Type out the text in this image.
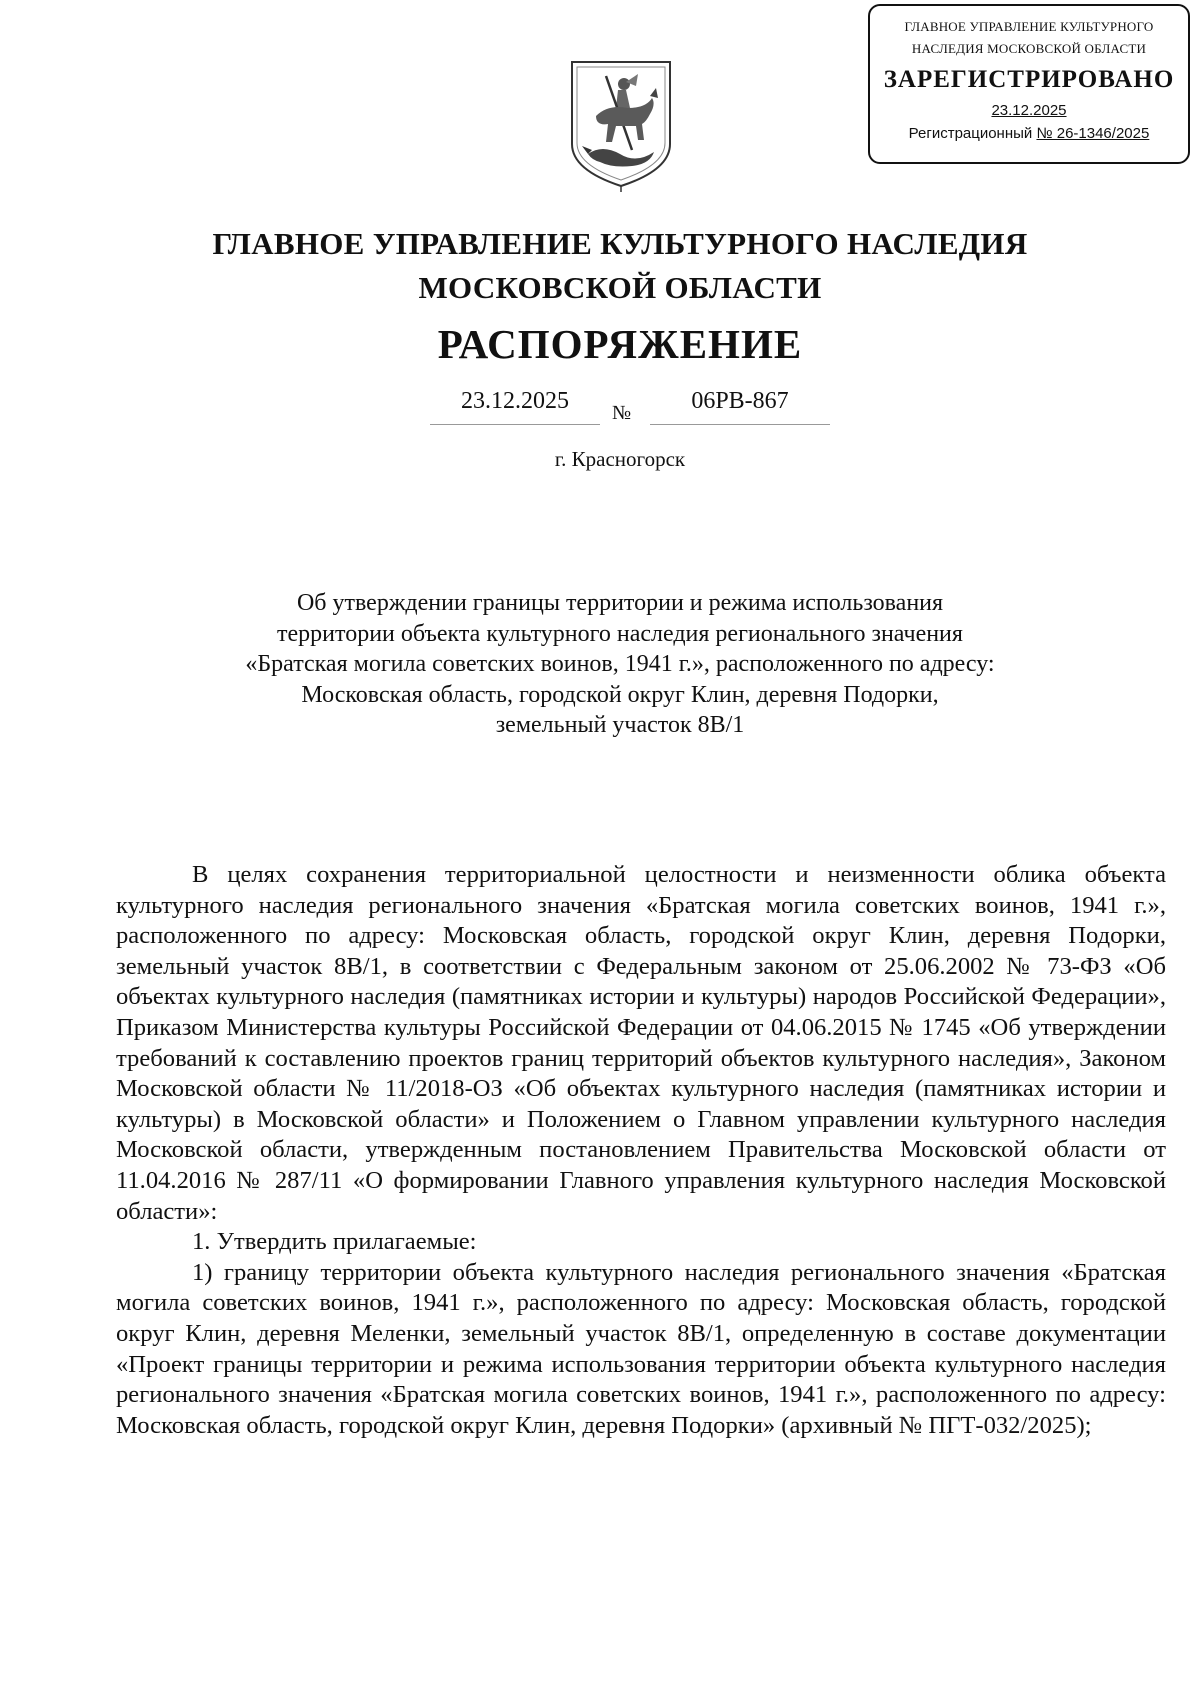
ГЛАВНОЕ УПРАВЛЕНИЕ КУЛЬТУРНОГО
НАСЛЕДИЯ МОСКОВСКОЙ ОБЛАСТИ
ЗАРЕГИСТРИРОВАНО
23.12.2025
Регистрационный № 26-1346/2025
ГЛАВНОЕ УПРАВЛЕНИЕ КУЛЬТУРНОГО НАСЛЕДИЯ
МОСКОВСКОЙ ОБЛАСТИ
РАСПОРЯЖЕНИЕ
23.12.2025	№	06РВ-867
г. Красногорск
Об утверждении границы территории и режима использования
территории объекта культурного наследия регионального значения
«Братская могила советских воинов, 1941 г.», расположенного по адресу:
Московская область, городской округ Клин, деревня Подорки,
земельный участок 8В/1

В целях сохранения территориальной целостности и неизменности облика объекта культурного наследия регионального значения «Братская могила советских воинов, 1941 г.», расположенного по адресу: Московская область, городской округ Клин, деревня Подорки, земельный участок 8В/1, в соответствии с Федеральным законом от 25.06.2002 № 73-ФЗ «Об объектах культурного наследия (памятниках истории и культуры) народов Российской Федерации», Приказом Министерства культуры Российской Федерации от 04.06.2015 № 1745 «Об утверждении требований к составлению проектов границ территорий объектов культурного наследия», Законом Московской области № 11/2018-ОЗ «Об объектах культурного наследия (памятниках истории и культуры) в Московской области» и Положением о Главном управлении культурного наследия Московской области, утвержденным постановлением Правительства Московской области от 11.04.2016 № 287/11 «О формировании Главного управления культурного наследия Московской области»:

1. Утвердить прилагаемые:

1) границу территории объекта культурного наследия регионального значения «Братская могила советских воинов, 1941 г.», расположенного по адресу: Московская область, городской округ Клин, деревня Меленки, земельный участок 8В/1, определенную в составе документации «Проект границы территории и режима использования территории объекта культурного наследия регионального значения «Братская могила советских воинов, 1941 г.», расположенного по адресу: Московская область, городской округ Клин, деревня Подорки» (архивный № ПГТ-032/2025);
